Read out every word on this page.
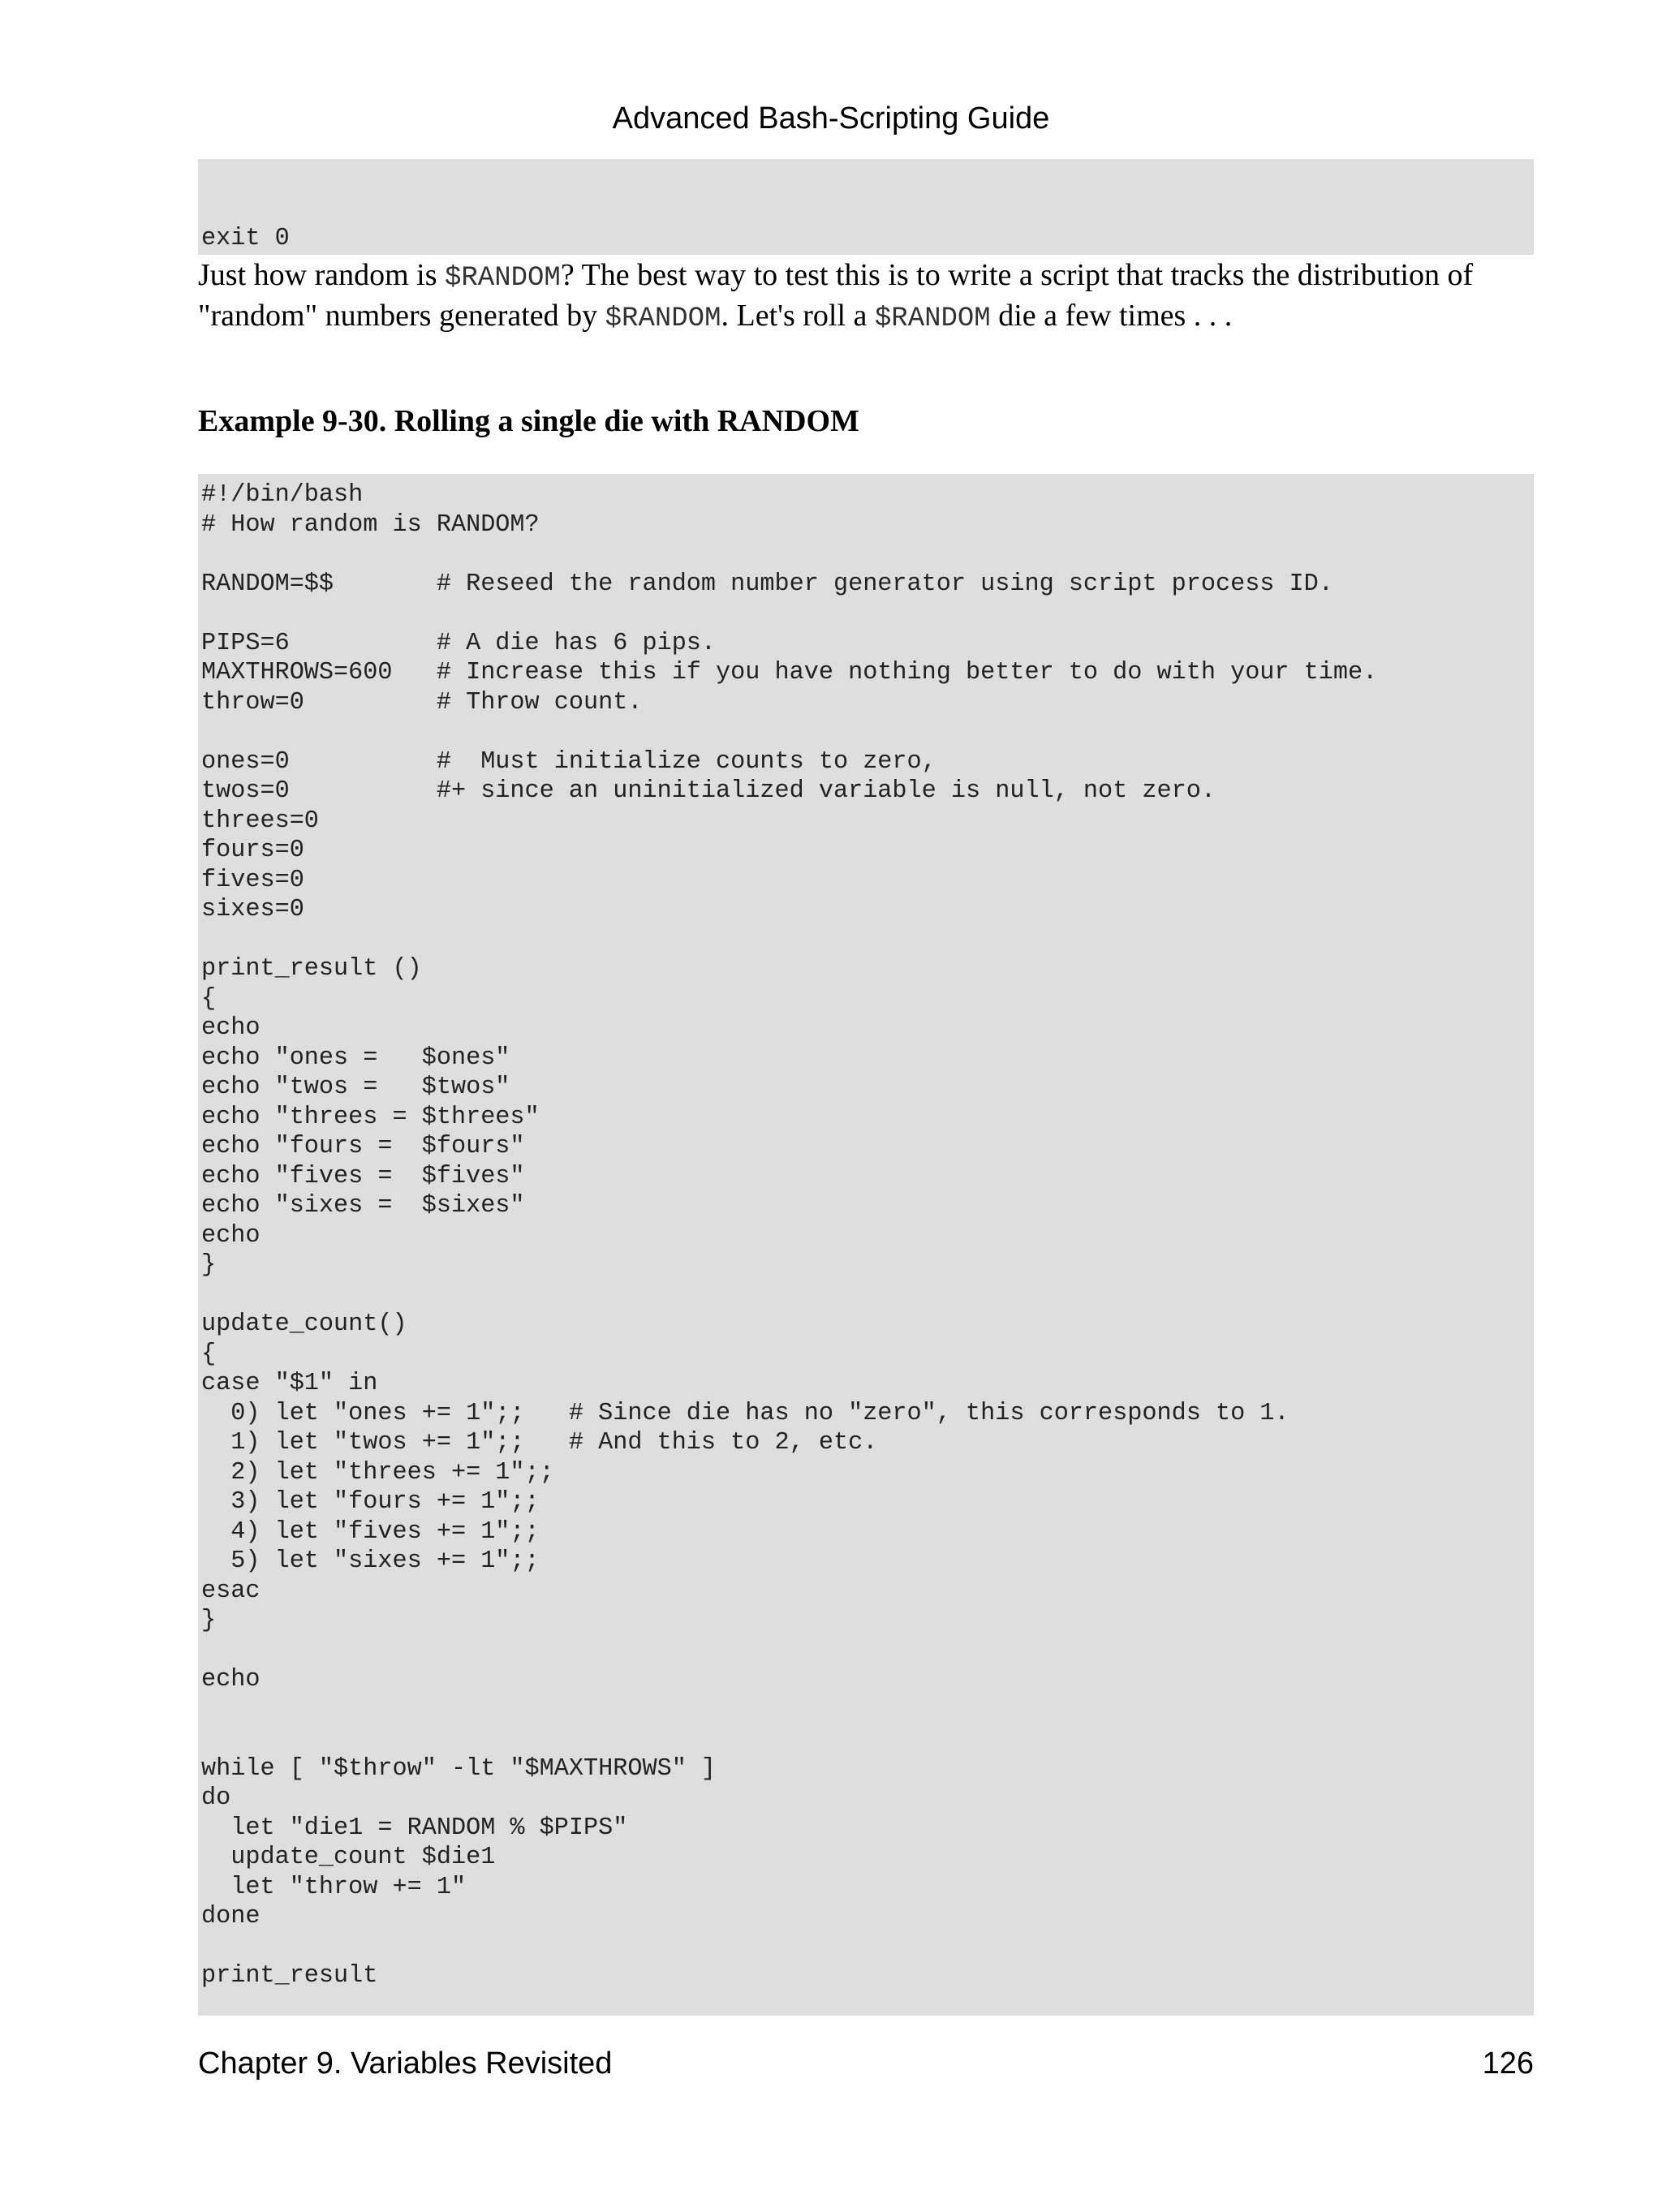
Advanced Bash-Scripting Guide
exit 0

Just how random is $RANDOM? The best way to test this is to write a script that tracks the distribution of "random" numbers generated by $RANDOM. Let's roll a $RANDOM die a few times . . .

Example 9-30. Rolling a single die with RANDOM

#!/bin/bash
# How random is RANDOM?
RANDOM=$$       # Reseed the random number generator using script process ID.
PIPS=6          # A die has 6 pips.
MAXTHROWS=600   # Increase this if you have nothing better to do with your time.
throw=0         # Throw count.
ones=0          #  Must initialize counts to zero,
twos=0          #+ since an uninitialized variable is null, not zero.
threes=0
fours=0
fives=0
sixes=0
print_result ()
{
echo
echo "ones =   $ones"
echo "twos =   $twos"
echo "threes = $threes"
echo "fours =  $fours"
echo "fives =  $fives"
echo "sixes =  $sixes"
echo
}
update_count()
{
case "$1" in
0) let "ones += 1";;   # Since die has no "zero", this corresponds to 1.
1) let "twos += 1";;   # And this to 2, etc.
2) let "threes += 1";;
3) let "fours += 1";;
4) let "fives += 1";;
5) let "sixes += 1";;
esac
}
echo
while [ "$throw" -lt "$MAXTHROWS" ]
do
let "die1 = RANDOM % $PIPS"
update_count $die1
let "throw += 1"
done
print_result
Chapter 9. Variables Revisited	126
